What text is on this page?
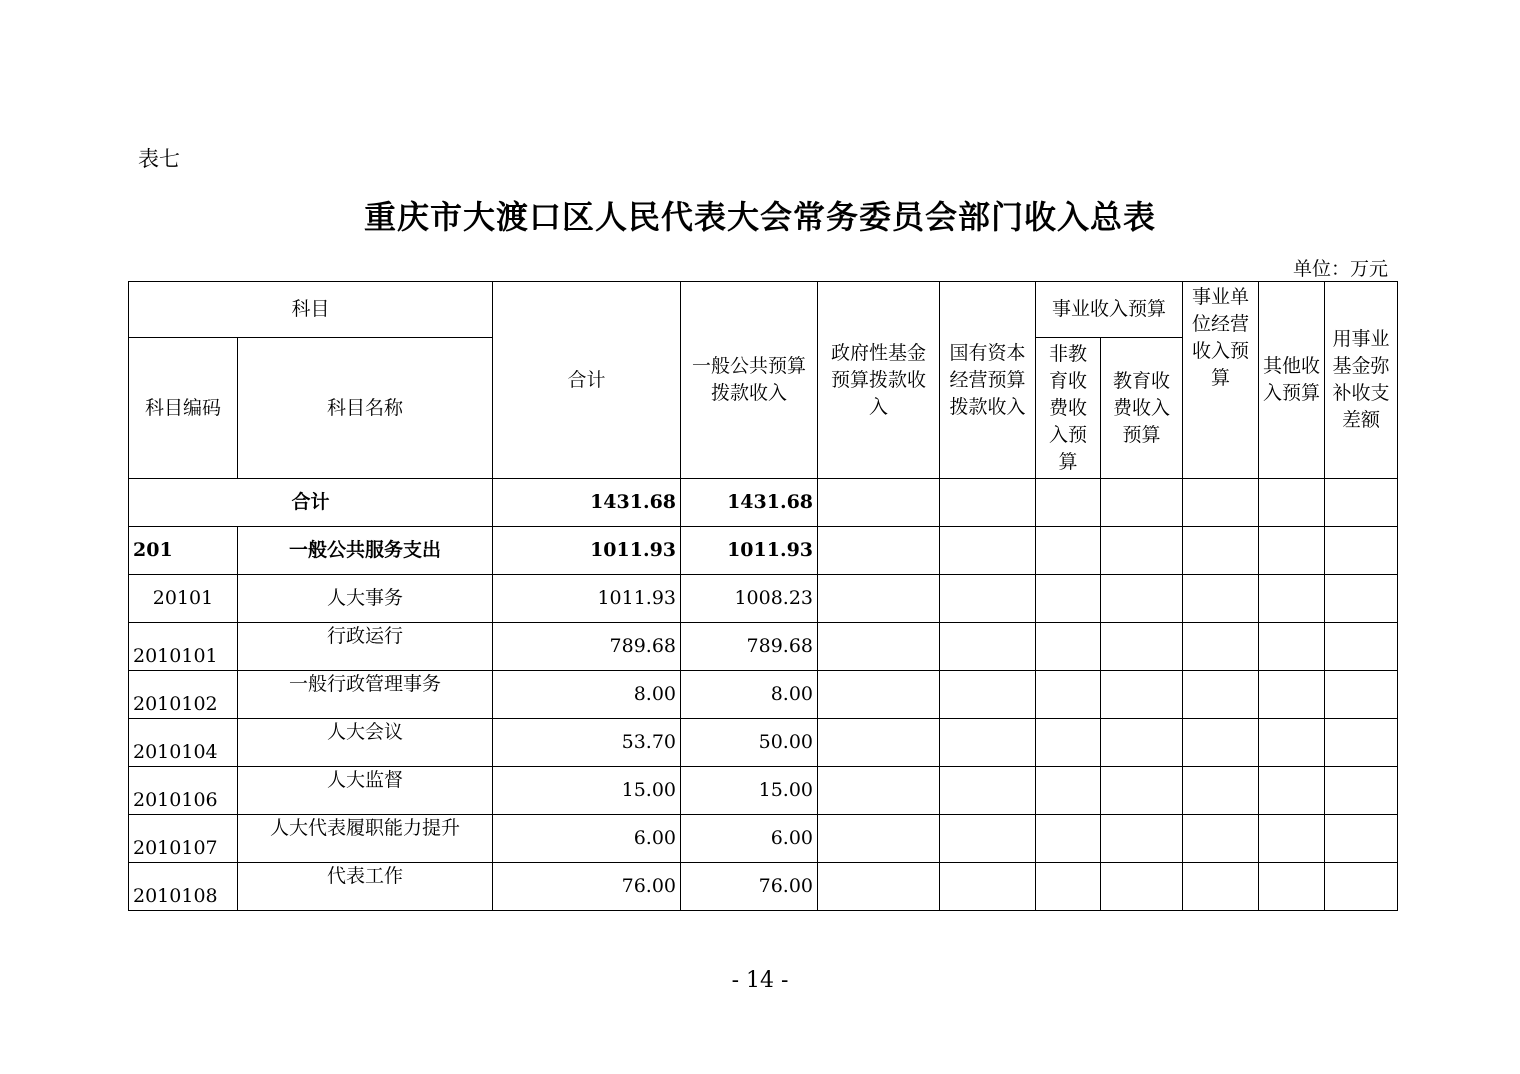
表七
重庆市大渡口区人民代表大会常务委员会部门收入总表
单位：万元
科目		合计	一般公共预算拨款收入	政府性基金预算拨款收入	国有资本经营预算拨款收入	事业收入预算		事业单位经营收入预算	其他收入预算	用事业基金弥补收支差额
科目编码	科目名称					非教育收费收入预算	教育收费收入预算			
合计		1431.68	1431.68							
201	一般公共服务支出	1011.93	1011.93							
20101	人大事务	1011.93	1008.23							
2010101	行政运行	789.68	789.68							
2010102	一般行政管理事务	8.00	8.00							
2010104	人大会议	53.70	50.00							
2010106	人大监督	15.00	15.00							
2010107	人大代表履职能力提升	6.00	6.00							
2010108	代表工作	76.00	76.00							
- 14 -
